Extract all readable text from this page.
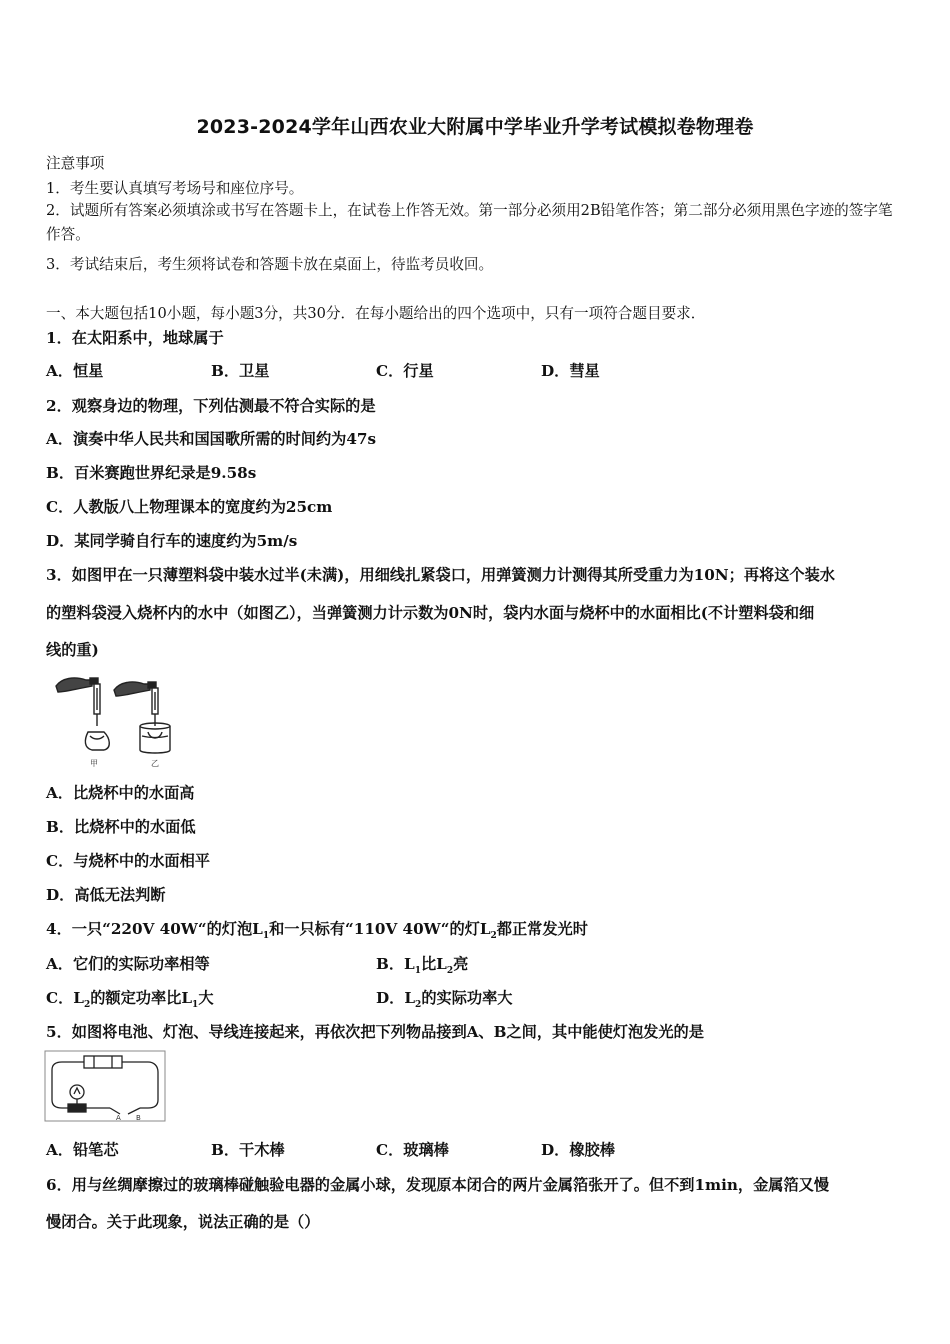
2023-2024学年山西农业大附属中学毕业升学考试模拟卷物理卷
注意事项
1．考生要认真填写考场号和座位序号。
2．试题所有答案必须填涂或书写在答题卡上，在试卷上作答无效。第一部分必须用2B铅笔作答；第二部分必须用黑色字迹的签字笔作答。
3．考试结束后，考生须将试卷和答题卡放在桌面上，待监考员收回。
一、本大题包括10小题，每小题3分，共30分．在每小题给出的四个选项中，只有一项符合题目要求．
1．在太阳系中，地球属于
A．恒星	B．卫星	C．行星	D．彗星
2．观察身边的物理，下列估测最不符合实际的是
A．演奏中华人民共和国国歌所需的时间约为47s
B．百米赛跑世界纪录是9.58s
C．人教版八上物理课本的宽度约为25cm
D．某同学骑自行车的速度约为5m/s
3．如图甲在一只薄塑料袋中装水过半(未满)，用细线扎紧袋口，用弹簧测力计测得其所受重力为10N；再将这个装水
的塑料袋浸入烧杯内的水中（如图乙），当弹簧测力计示数为0N时，袋内水面与烧杯中的水面相比(不计塑料袋和细
线的重)
甲	乙
A．比烧杯中的水面高
B．比烧杯中的水面低
C．与烧杯中的水面相平
D．高低无法判断
4．一只“220V 40W“的灯泡$L_1$和一只标有“110V 40W“的灯$L_2$都正常发光时
A．它们的实际功率相等	B．$L_1$比$L_2$亮
C．$L_2$的额定功率比$L_1$大	D．$L_2$的实际功率大
5．如图将电池、灯泡、导线连接起来，再依次把下列物品接到A、B之间，其中能使灯泡发光的是
A B
A．铅笔芯	B．干木棒	C．玻璃棒	D．橡胶棒
6．用与丝绸摩擦过的玻璃棒碰触验电器的金属小球，发现原本闭合的两片金属箔张开了。但不到1min，金属箔又慢
慢闭合。关于此现象，说法正确的是（）
